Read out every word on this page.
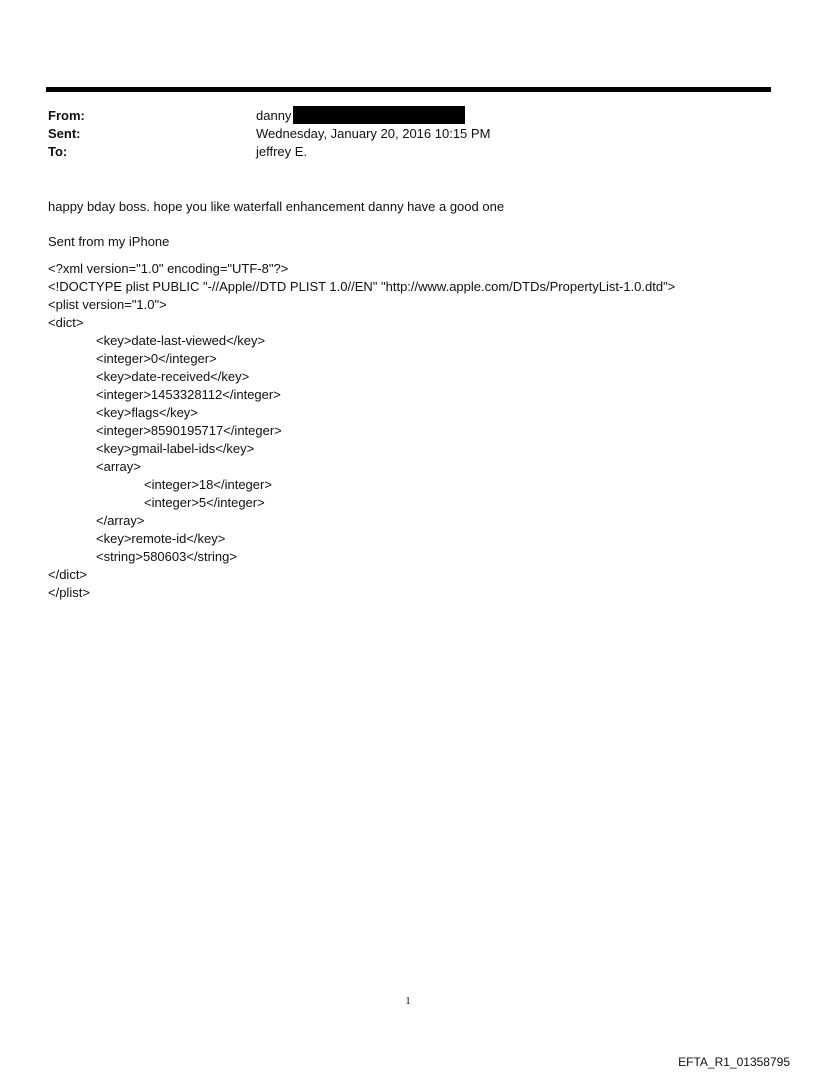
From:	danny
Sent:	Wednesday, January 20, 2016 10:15 PM
To:	jeffrey E.
happy bday boss. hope you like waterfall enhancement danny have a good one
Sent from my iPhone
<?xml version="1.0" encoding="UTF-8"?>
<!DOCTYPE plist PUBLIC "-//Apple//DTD PLIST 1.0//EN" "http://www.apple.com/DTDs/PropertyList-1.0.dtd">
<plist version="1.0">
<dict>
<key>date-last-viewed</key>
<integer>0</integer>
<key>date-received</key>
<integer>1453328112</integer>
<key>flags</key>
<integer>8590195717</integer>
<key>gmail-label-ids</key>
<array>
<integer>18</integer>
<integer>5</integer>
</array>
<key>remote-id</key>
<string>580603</string>
</dict>
</plist>
1
EFTA_R1_01358795
